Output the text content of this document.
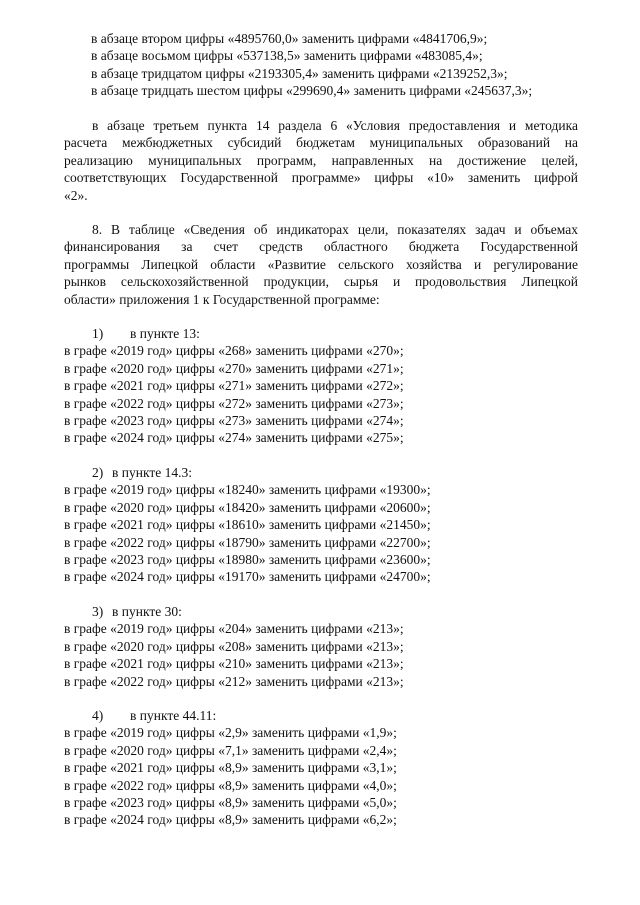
в абзаце втором цифры «4895760,0» заменить цифрами «4841706,9»;
в абзаце восьмом цифры «537138,5» заменить цифрами «483085,4»;
в абзаце тридцатом цифры «2193305,4» заменить цифрами «2139252,3»;
в абзаце тридцать шестом цифры «299690,4» заменить цифрами «245637,3»;
в абзаце третьем пункта 14 раздела 6 «Условия предоставления и методика
расчета межбюджетных субсидий бюджетам муниципальных образований на
реализацию муниципальных программ, направленных на достижение целей,
соответствующих Государственной программе» цифры «10» заменить цифрой
«2».
8. В таблице «Сведения об индикаторах цели, показателях задач и объемах
финансирования за счет средств областного бюджета Государственной
программы Липецкой области «Развитие сельского хозяйства и регулирование
рынков сельскохозяйственной продукции, сырья и продовольствия Липецкой
области» приложения 1 к Государственной программе:
1) в пункте 13:
в графе «2019 год» цифры «268» заменить цифрами «270»;
в графе «2020 год» цифры «270» заменить цифрами «271»;
в графе «2021 год» цифры «271» заменить цифрами «272»;
в графе «2022 год» цифры «272» заменить цифрами «273»;
в графе «2023 год» цифры «273» заменить цифрами «274»;
в графе «2024 год» цифры «274» заменить цифрами «275»;
2) в пункте 14.3:
в графе «2019 год» цифры «18240» заменить цифрами «19300»;
в графе «2020 год» цифры «18420» заменить цифрами «20600»;
в графе «2021 год» цифры «18610» заменить цифрами «21450»;
в графе «2022 год» цифры «18790» заменить цифрами «22700»;
в графе «2023 год» цифры «18980» заменить цифрами «23600»;
в графе «2024 год» цифры «19170» заменить цифрами «24700»;
3) в пункте 30:
в графе «2019 год» цифры «204» заменить цифрами «213»;
в графе «2020 год» цифры «208» заменить цифрами «213»;
в графе «2021 год» цифры «210» заменить цифрами «213»;
в графе «2022 год» цифры «212» заменить цифрами «213»;
4) в пункте 44.11:
в графе «2019 год» цифры «2,9» заменить цифрами «1,9»;
в графе «2020 год» цифры «7,1» заменить цифрами «2,4»;
в графе «2021 год» цифры «8,9» заменить цифрами «3,1»;
в графе «2022 год» цифры «8,9» заменить цифрами «4,0»;
в графе «2023 год» цифры «8,9» заменить цифрами «5,0»;
в графе «2024 год» цифры «8,9» заменить цифрами «6,2»;
